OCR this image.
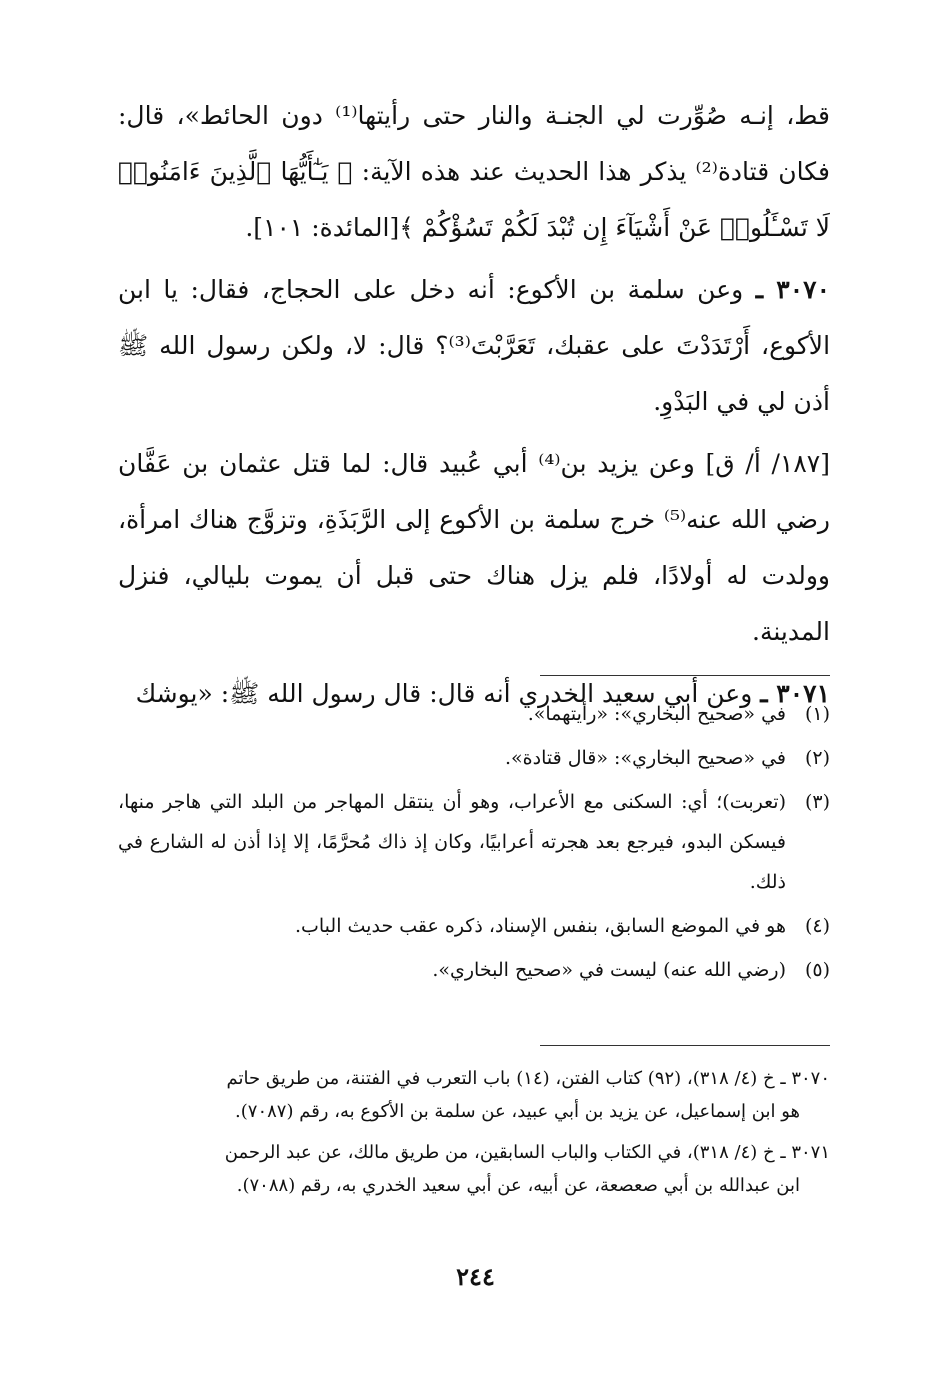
قط، إنـه صُوِّرت لي الجنـة والنار حتى رأيتها⁽¹⁾ دون الحائط»، قال: فكان قتادة⁽²⁾ يذكر هذا الحديث عند هذه الآية: ﴿ يَـٰٓأَيُّهَا ٱلَّذِينَ ءَامَنُوا۟ لَا تَسْـَٔلُوا۟ عَنْ أَشْيَآءَ إِن تُبْدَ لَكُمْ تَسُؤْكُمْ ﴾[المائدة: ١٠١].

٣٠٧٠ ـ وعن سلمة بن الأكوع: أنه دخل على الحجاج، فقال: يا ابن الأكوع، أَرْتَدَدْتَ على عقبك، تَعَرَّبْتَ⁽³⁾؟ قال: لا، ولكن رسول الله ﷺ أذن لي في البَدْوِ.

[١٨٧/ أ/ ق] وعن يزيد بن⁽⁴⁾ أبي عُبيد قال: لما قتل عثمان بن عَفَّان رضي الله عنه⁽⁵⁾ خرج سلمة بن الأكوع إلى الرَّبَذَةِ، وتزوَّج هناك امرأة، وولدت له أولادًا، فلم يزل هناك حتى قبل أن يموت بليالي، فنزل المدينة.

٣٠٧١ ـ وعن أبي سعيد الخدري أنه قال: قال رسول الله ﷺ: «يوشك

(١)
في «صحيح البخاري»: «رأيتهما».
(٢)
في «صحيح البخاري»: «قال قتادة».
(٣)
(تعربت)؛ أي: السكنى مع الأعراب، وهو أن ينتقل المهاجر من البلد التي هاجر منها، فيسكن البدو، فيرجع بعد هجرته أعرابيًا، وكان إذ ذاك مُحرَّمًا، إلا إذا أذن له الشارع في ذلك.
(٤)
هو في الموضع السابق، بنفس الإسناد، ذكره عقب حديث الباب.
(٥)
(رضي الله عنه) ليست في «صحيح البخاري».

٣٠٧٠ ـ خ (٤/ ٣١٨)، (٩٢) كتاب الفتن، (١٤) باب التعرب في الفتنة، من طريق حاتم
هو ابن إسماعيل، عن يزيد بن أبي عبيد، عن سلمة بن الأكوع به، رقم (٧٠٨٧).

٣٠٧١ ـ خ (٤/ ٣١٨)، في الكتاب والباب السابقين، من طريق مالك، عن عبد الرحمن
ابن عبدالله بن أبي صعصعة، عن أبيه، عن أبي سعيد الخدري به، رقم (٧٠٨٨).

٢٤٤
